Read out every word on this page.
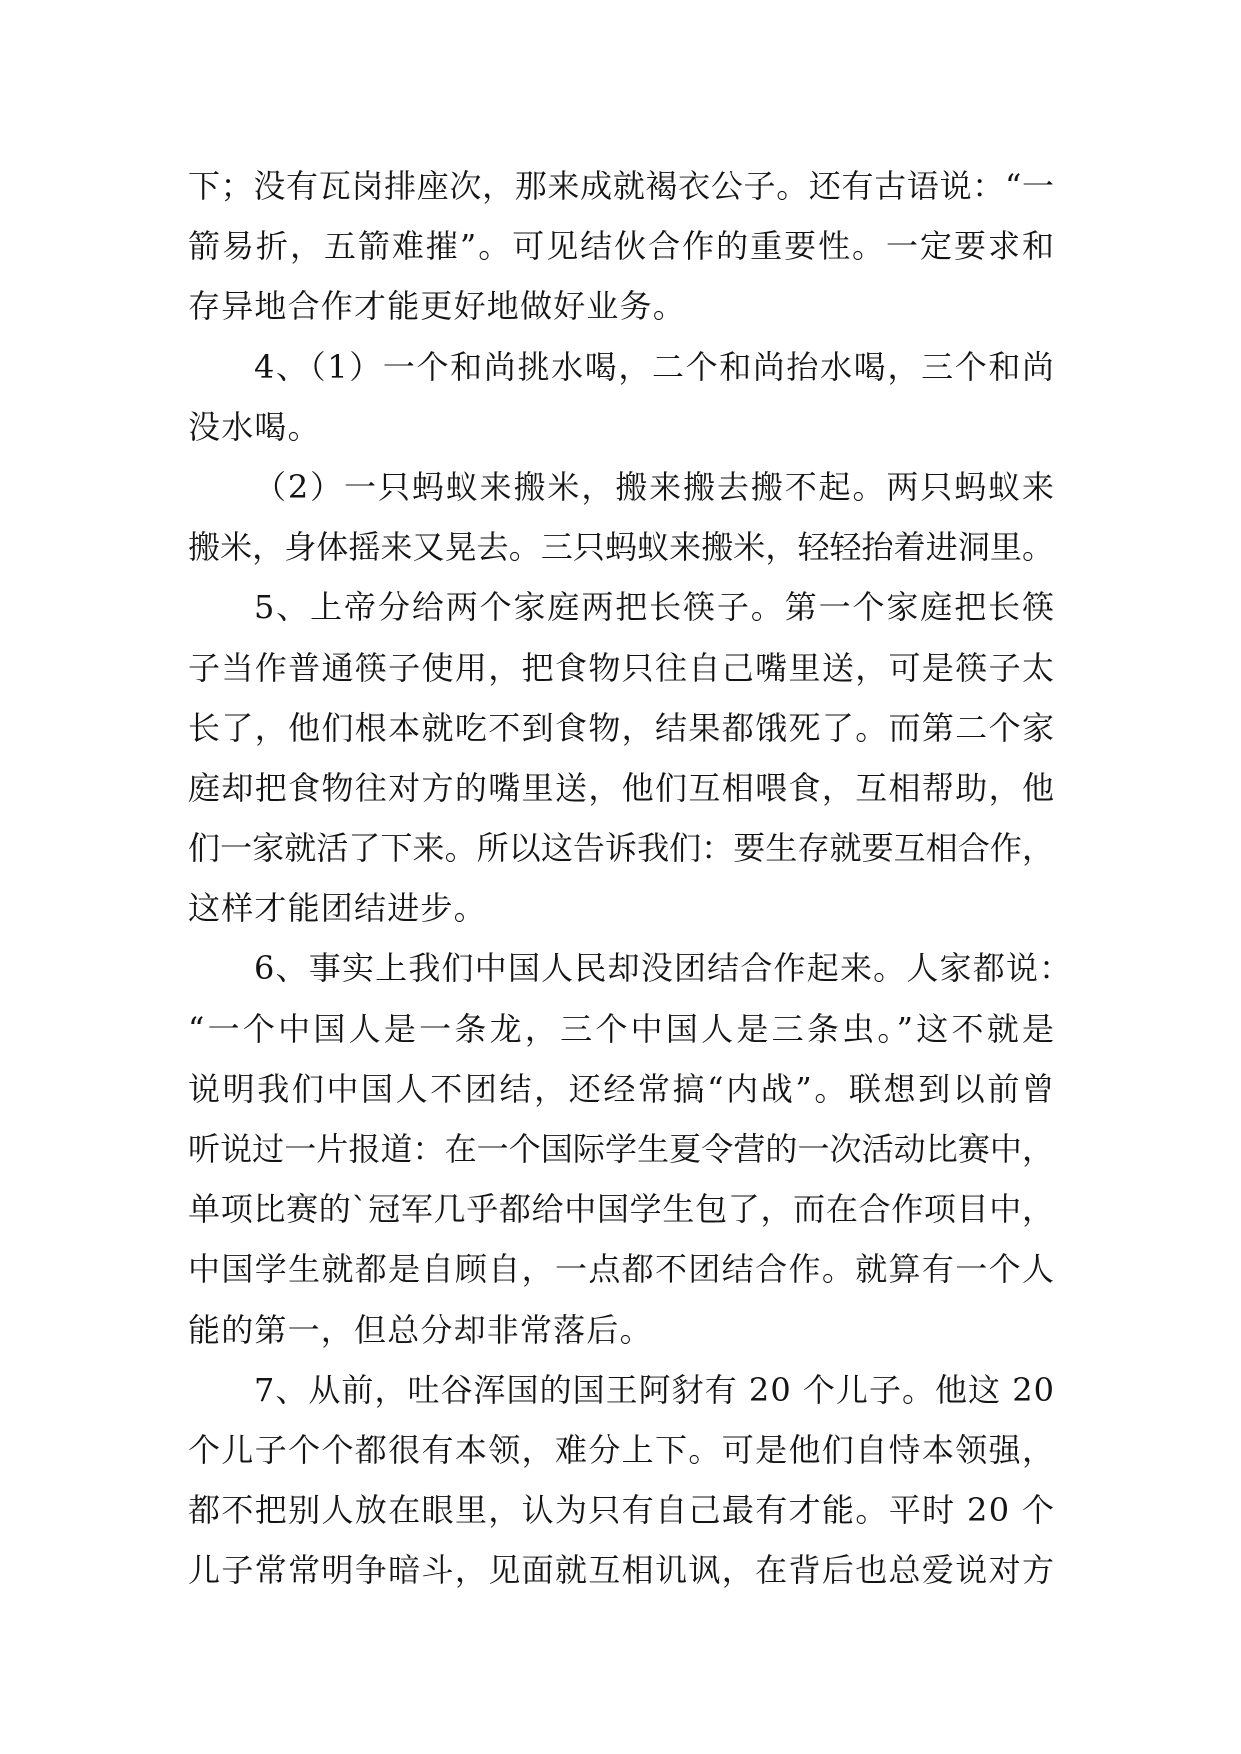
下；没有瓦岗排座次，那来成就褐衣公子。还有古语说：“一
箭易折，五箭难摧”。可见结伙合作的重要性。一定要求和
存异地合作才能更好地做好业务。
4、（1）一个和尚挑水喝，二个和尚抬水喝，三个和尚
没水喝。
（2）一只蚂蚁来搬米，搬来搬去搬不起。两只蚂蚁来
搬米，身体摇来又晃去。三只蚂蚁来搬米，轻轻抬着进洞里。
5、上帝分给两个家庭两把长筷子。第一个家庭把长筷
子当作普通筷子使用，把食物只往自己嘴里送，可是筷子太
长了，他们根本就吃不到食物，结果都饿死了。而第二个家
庭却把食物往对方的嘴里送，他们互相喂食，互相帮助，他
们一家就活了下来。所以这告诉我们：要生存就要互相合作，
这样才能团结进步。
6、事实上我们中国人民却没团结合作起来。人家都说：
“一个中国人是一条龙，三个中国人是三条虫。”这不就是
说明我们中国人不团结，还经常搞“内战”。联想到以前曾
听说过一片报道：在一个国际学生夏令营的一次活动比赛中，
单项比赛的`冠军几乎都给中国学生包了，而在合作项目中，
中国学生就都是自顾自，一点都不团结合作。就算有一个人
能的第一，但总分却非常落后。
7、从前，吐谷浑国的国王阿豺有 20 个儿子。他这 20
个儿子个个都很有本领，难分上下。可是他们自恃本领强，
都不把别人放在眼里，认为只有自己最有才能。平时 20 个
儿子常常明争暗斗，见面就互相讥讽，在背后也总爱说对方
